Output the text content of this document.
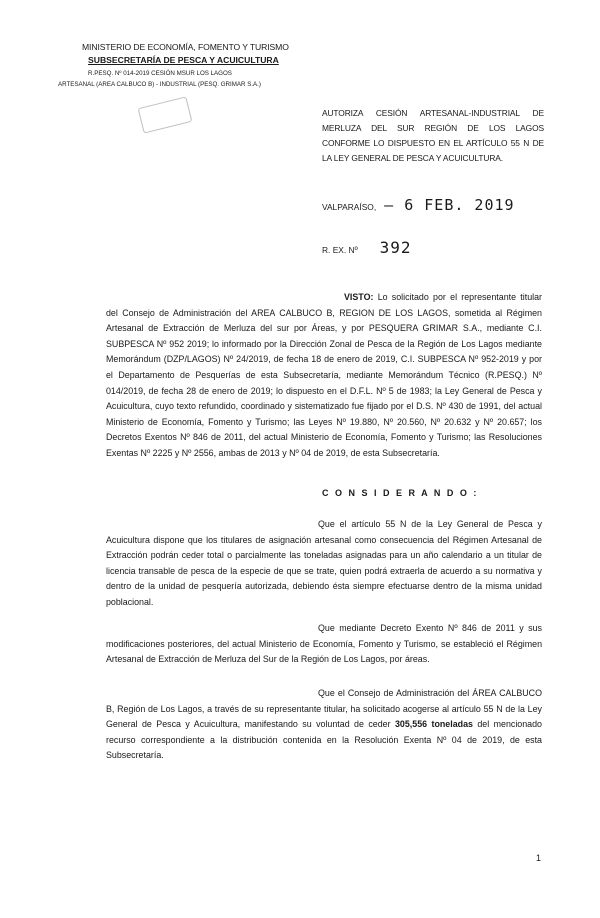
MINISTERIO DE ECONOMÍA, FOMENTO Y TURISMO
SUBSECRETARÍA DE PESCA Y ACUICULTURA
R.PESQ. Nº 014-2019 CESIÓN MSUR LOS LAGOS
ARTESANAL (AREA CALBUCO B) - INDUSTRIAL (PESQ. GRIMAR S.A.)
AUTORIZA CESIÓN ARTESANAL-INDUSTRIAL DE MERLUZA DEL SUR REGIÓN DE LOS LAGOS CONFORME LO DISPUESTO EN EL ARTÍCULO 55 N DE LA LEY GENERAL DE PESCA Y ACUICULTURA.
VALPARAÍSO, – 6 FEB. 2019
R. EX. Nº 392
VISTO: Lo solicitado por el representante titular del Consejo de Administración del AREA CALBUCO B, REGION DE LOS LAGOS, sometida al Régimen Artesanal de Extracción de Merluza del sur por Áreas, y por PESQUERA GRIMAR S.A., mediante C.I. SUBPESCA Nº 952 2019; lo informado por la Dirección Zonal de Pesca de la Región de Los Lagos mediante Memorándum (DZP/LAGOS) Nº 24/2019, de fecha 18 de enero de 2019, C.I. SUBPESCA Nº 952-2019 y por el Departamento de Pesquerías de esta Subsecretaría, mediante Memorándum Técnico (R.PESQ.) Nº 014/2019, de fecha 28 de enero de 2019; lo dispuesto en el D.F.L. Nº 5 de 1983; la Ley General de Pesca y Acuicultura, cuyo texto refundido, coordinado y sistematizado fue fijado por el D.S. Nº 430 de 1991, del actual Ministerio de Economía, Fomento y Turismo; las Leyes Nº 19.880, Nº 20.560, Nº 20.632 y Nº 20.657; los Decretos Exentos Nº 846 de 2011, del actual Ministerio de Economía, Fomento y Turismo; las Resoluciones Exentas Nº 2225 y Nº 2556, ambas de 2013 y Nº 04 de 2019, de esta Subsecretaría.
C O N S I D E R A N D O :
Que el artículo 55 N de la Ley General de Pesca y Acuicultura dispone que los titulares de asignación artesanal como consecuencia del Régimen Artesanal de Extracción podrán ceder total o parcialmente las toneladas asignadas para un año calendario a un titular de licencia transable de pesca de la especie de que se trate, quien podrá extraerla de acuerdo a su normativa y dentro de la unidad de pesquería autorizada, debiendo ésta siempre efectuarse dentro de la misma unidad poblacional.
Que mediante Decreto Exento Nº 846 de 2011 y sus modificaciones posteriores, del actual Ministerio de Economía, Fomento y Turismo, se estableció el Régimen Artesanal de Extracción de Merluza del Sur de la Región de Los Lagos, por áreas.
Que el Consejo de Administración del ÁREA CALBUCO B, Región de Los Lagos, a través de su representante titular, ha solicitado acogerse al artículo 55 N de la Ley General de Pesca y Acuicultura, manifestando su voluntad de ceder 305,556 toneladas del mencionado recurso correspondiente a la distribución contenida en la Resolución Exenta Nº 04 de 2019, de esta Subsecretaría.
1
